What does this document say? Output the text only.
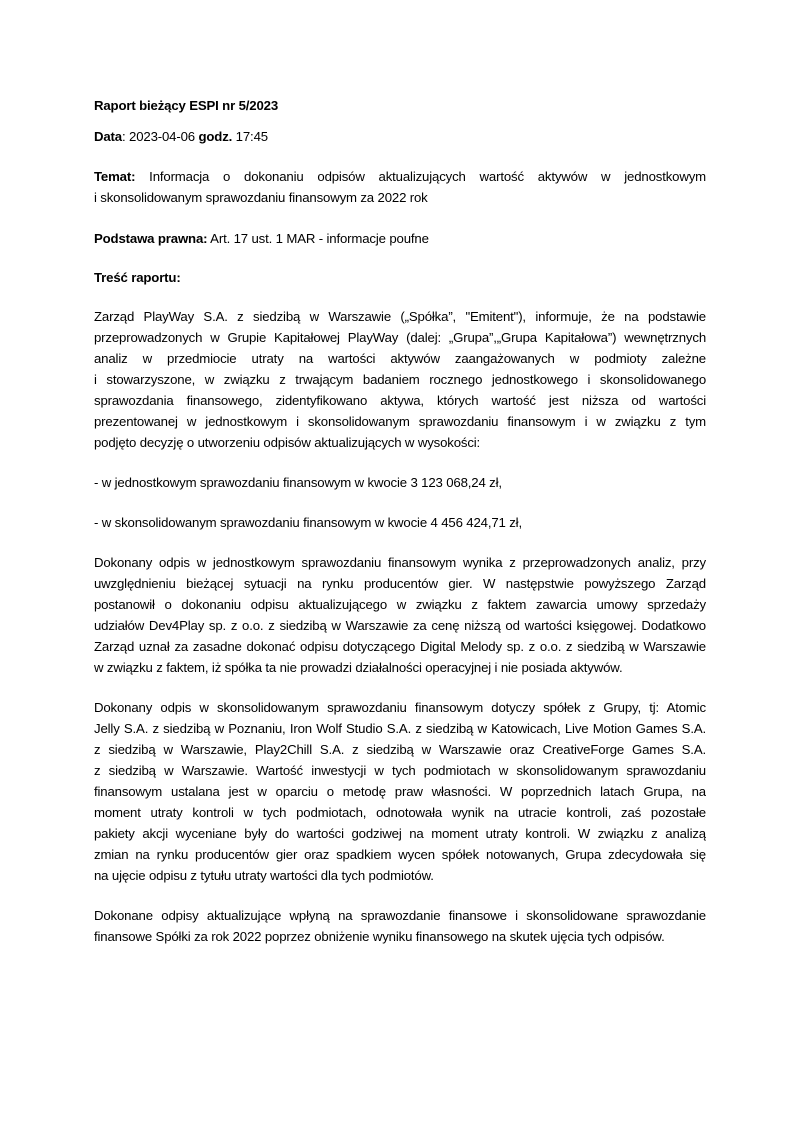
Raport bieżący ESPI nr 5/2023
Data: 2023-04-06 godz. 17:45
Temat: Informacja o dokonaniu odpisów aktualizujących wartość aktywów w jednostkowym
i skonsolidowanym sprawozdaniu finansowym za 2022 rok
Podstawa prawna: Art. 17 ust. 1 MAR - informacje poufne
Treść raportu:
Zarząd PlayWay S.A. z siedzibą w Warszawie („Spółka”, "Emitent"), informuje, że na podstawie
przeprowadzonych w Grupie Kapitałowej PlayWay (dalej: „Grupa”,„Grupa Kapitałowa”) wewnętrznych
analiz w przedmiocie utraty na wartości aktywów zaangażowanych w podmioty zależne
i stowarzyszone, w związku z trwającym badaniem rocznego jednostkowego i skonsolidowanego
sprawozdania finansowego, zidentyfikowano aktywa, których wartość jest niższa od wartości
prezentowanej w jednostkowym i skonsolidowanym sprawozdaniu finansowym i w związku z tym
podjęto decyzję o utworzeniu odpisów aktualizujących w wysokości:
- w jednostkowym sprawozdaniu finansowym w kwocie 3 123 068,24 zł,
- w skonsolidowanym sprawozdaniu finansowym w kwocie 4 456 424,71 zł,
Dokonany odpis w jednostkowym sprawozdaniu finansowym wynika z przeprowadzonych analiz, przy
uwzględnieniu bieżącej sytuacji na rynku producentów gier. W następstwie powyższego Zarząd
postanowił o dokonaniu odpisu aktualizującego w związku z faktem zawarcia umowy sprzedaży
udziałów Dev4Play sp. z o.o. z siedzibą w Warszawie za cenę niższą od wartości księgowej. Dodatkowo
Zarząd uznał za zasadne dokonać odpisu dotyczącego Digital Melody sp. z o.o. z siedzibą w Warszawie
w związku z faktem, iż spółka ta nie prowadzi działalności operacyjnej i nie posiada aktywów.
Dokonany odpis w skonsolidowanym sprawozdaniu finansowym dotyczy spółek z Grupy, tj: Atomic
Jelly S.A. z siedzibą w Poznaniu, Iron Wolf Studio S.A. z siedzibą w Katowicach, Live Motion Games S.A.
z siedzibą w Warszawie, Play2Chill S.A. z siedzibą w Warszawie oraz CreativeForge Games S.A.
z siedzibą w Warszawie. Wartość inwestycji w tych podmiotach w skonsolidowanym sprawozdaniu
finansowym ustalana jest w oparciu o metodę praw własności. W poprzednich latach Grupa, na
moment utraty kontroli w tych podmiotach, odnotowała wynik na utracie kontroli, zaś pozostałe
pakiety akcji wyceniane były do wartości godziwej na moment utraty kontroli. W związku z analizą
zmian na rynku producentów gier oraz spadkiem wycen spółek notowanych, Grupa zdecydowała się
na ujęcie odpisu z tytułu utraty wartości dla tych podmiotów.
Dokonane odpisy aktualizujące wpłyną na sprawozdanie finansowe i skonsolidowane sprawozdanie
finansowe Spółki za rok 2022 poprzez obniżenie wyniku finansowego na skutek ujęcia tych odpisów.
